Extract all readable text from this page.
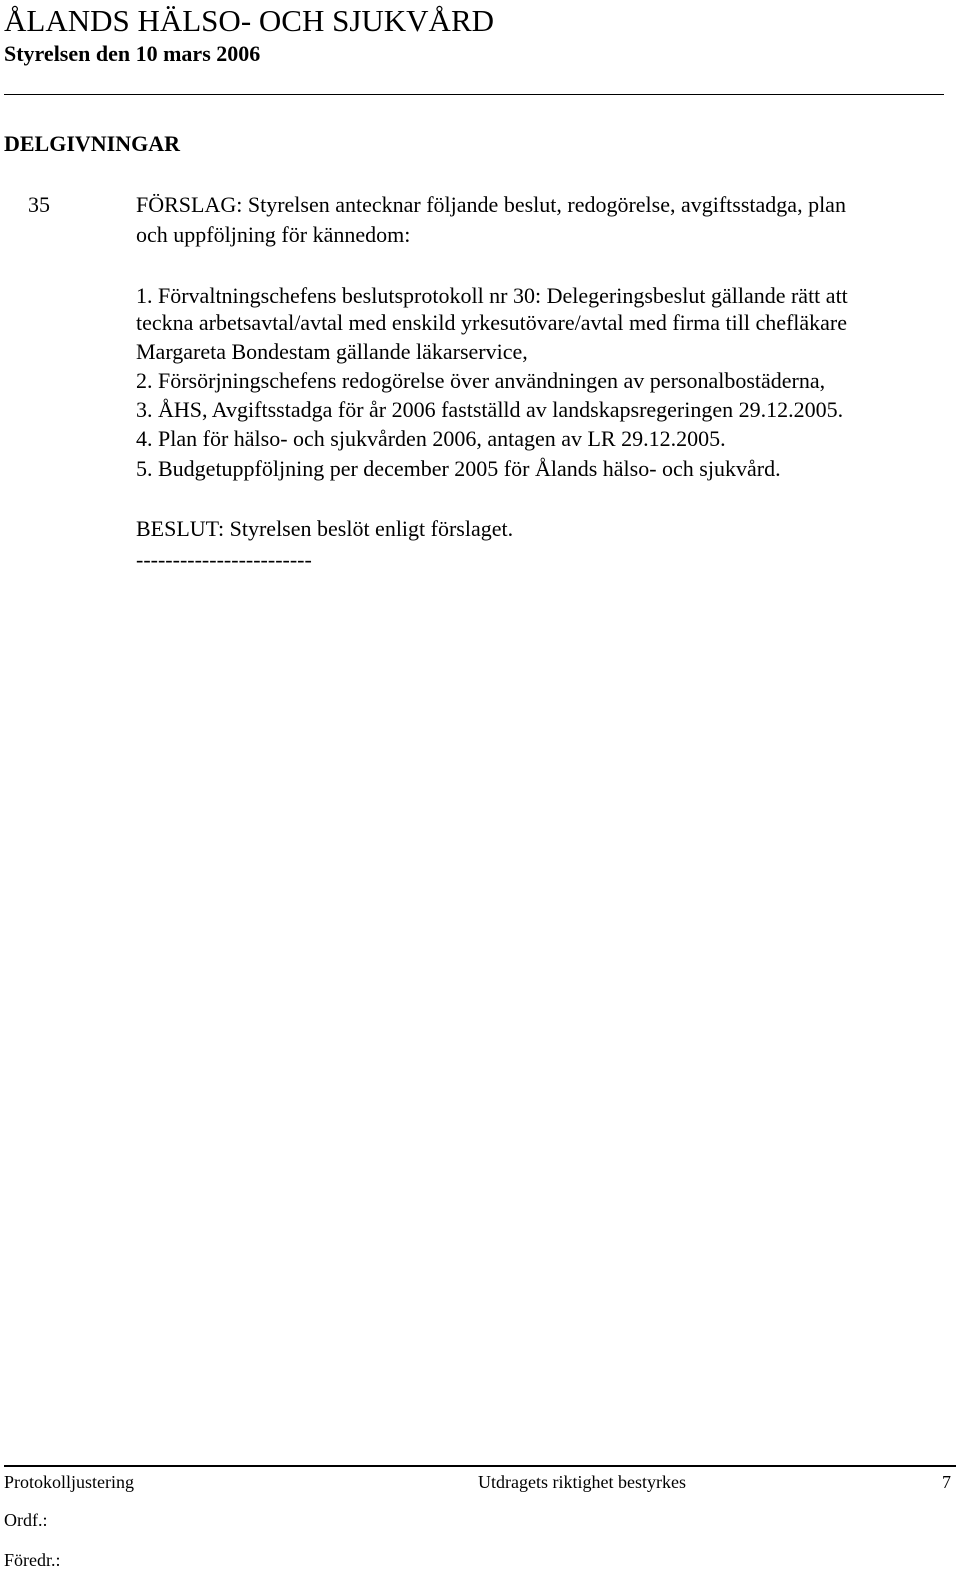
ÅLANDS HÄLSO- OCH SJUKVÅRD
Styrelsen den 10 mars 2006
DELGIVNINGAR
35	FÖRSLAG: Styrelsen antecknar följande beslut, redogörelse, avgiftsstadga, plan
och uppföljning för kännedom:
1. Förvaltningschefens beslutsprotokoll nr 30: Delegeringsbeslut gällande rätt att
teckna arbetsavtal/avtal med enskild yrkesutövare/avtal med firma till chefläkare
Margareta Bondestam gällande läkarservice,
2. Försörjningschefens redogörelse över användningen av personalbostäderna,
3. ÅHS, Avgiftsstadga för år 2006 fastställd av landskapsregeringen 29.12.2005.
4. Plan för hälso- och sjukvården 2006, antagen av LR 29.12.2005.
5. Budgetuppföljning per december 2005 för Ålands hälso- och sjukvård.
BESLUT: Styrelsen beslöt enligt förslaget.
------------------------
Protokolljustering	Utdragets riktighet bestyrkes	7
Ordf.:
Föredr.:
